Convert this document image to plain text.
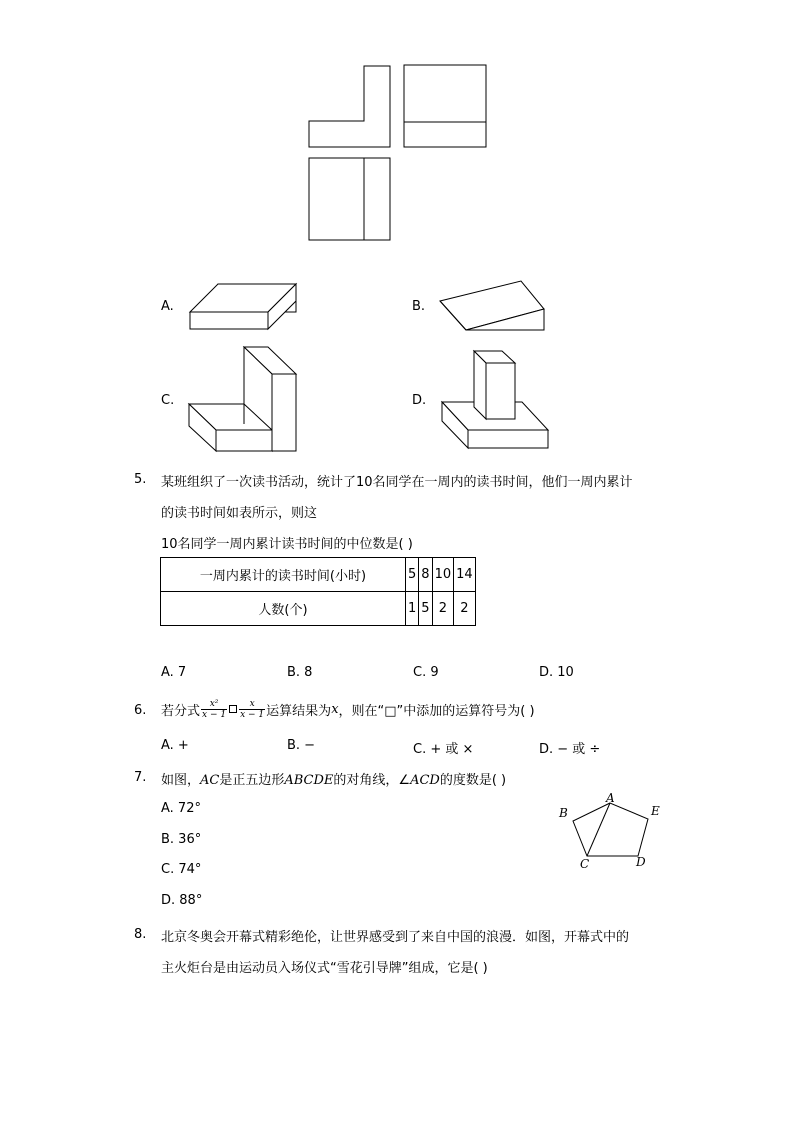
A.	B.
C.	D.
5. 某班组织了一次读书活动，统计了10名同学在一周内的读书时间，他们一周内累计
的读书时间如表所示，则这
10名同学一周内累计读书时间的中位数是( )
一周内累计的读书时间(小时)	5	8	10	14
人数(个)	1	5	2	2
A. 7	B. 8	C. 9	D. 10
6. 若分式 $\frac{\text{x²}}{x - 1} \frac{x}{x - 1}$ 运算结果为 x ，则在“□”中添加的运算符号为( )
A. +	B. −	C. + 或 ×	D. − 或 ÷
7. 如图，AC是正五边形ABCDE的对角线，∠ACD的度数是( )
A. 72°
B. 36°
C. 74°
D. 88°
A
B
C	D
E
8. 北京冬奥会开幕式精彩绝伦，让世界感受到了来自中国的浪漫．如图，开幕式中的
主火炬台是由运动员入场仪式“雪花引导牌”组成，它是( )
